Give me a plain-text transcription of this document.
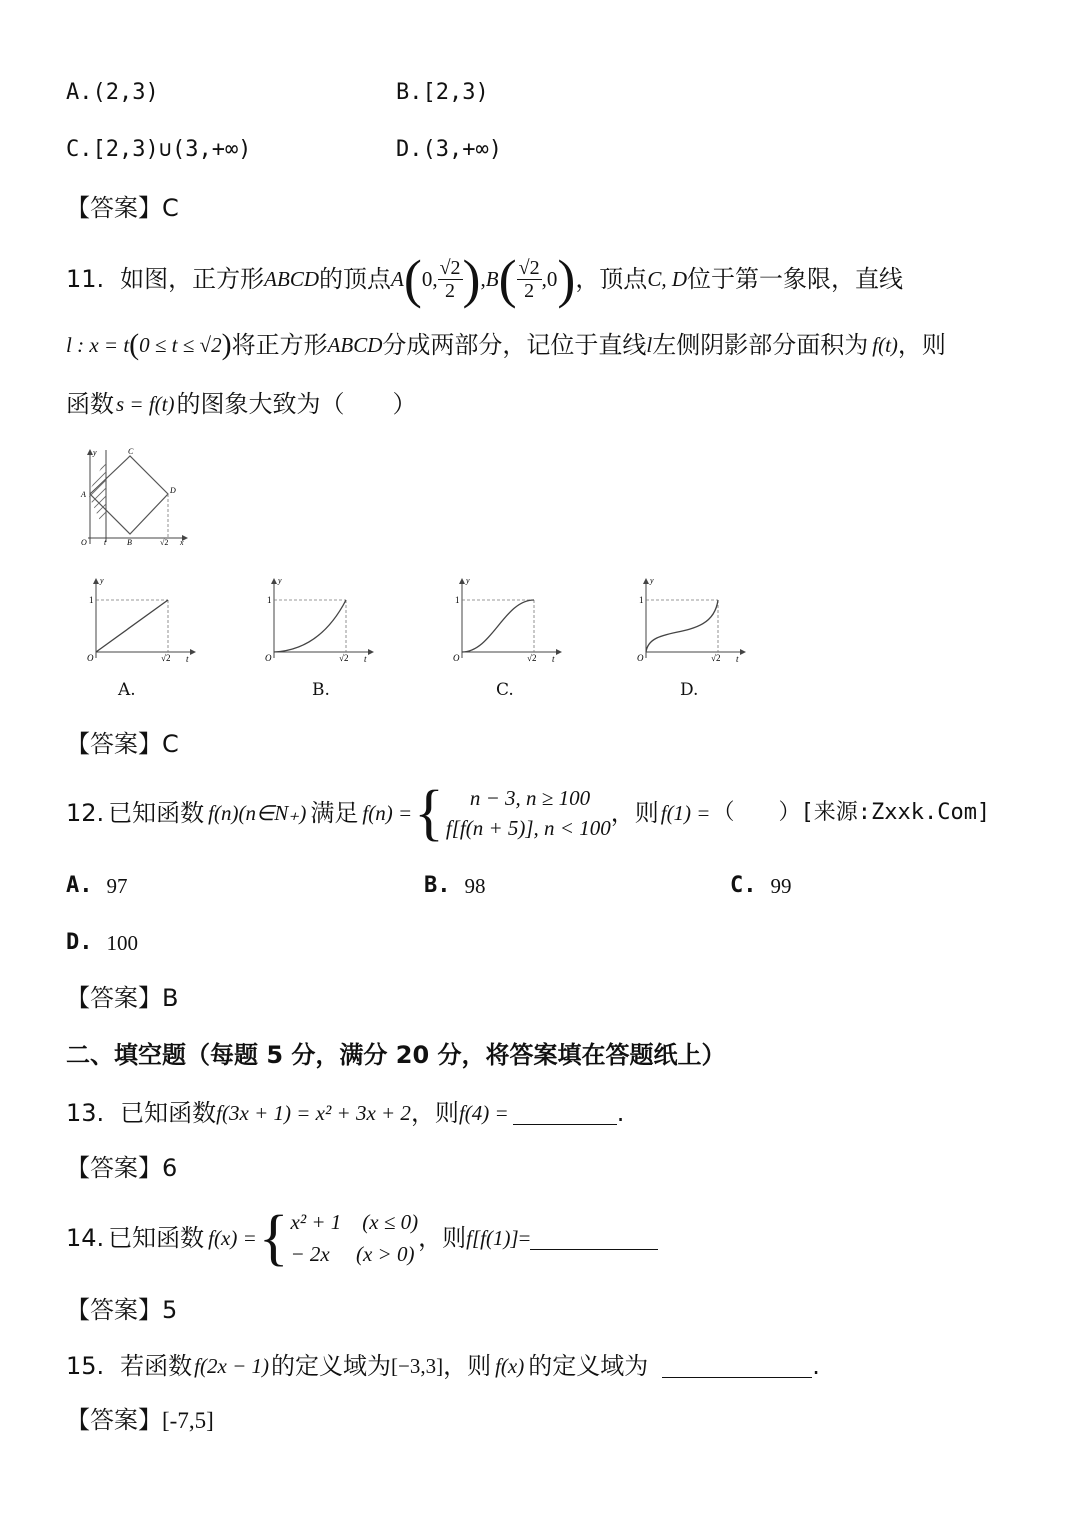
A.(2,3)	B.[2,3)
C.[2,3)∪(3,+∞)	D.(3,+∞)
【答案】C
11. 如图，正方形 ABCD 的顶点 A ( 0, $\frac{√2}{2}$ ) , B ( $\frac{√2}{2} ,0$ ) ，顶点 C, D 位于第一象限，直线
l : x = t ( 0 ≤ t ≤ √2 ) 将正方形 ABCD 分成两部分，记位于直线 l 左侧阴影部分面积为 f(t) ，则
函数 s = f(t) 的图象大致为（　　）
y	C
D
A
O t	B	√2 x
y
1
O	√2 t
y
1
O	√2 t
y
1
O	√2 t
y
1
O	√2 t
A.	B.	C.	D.
【答案】C
12. 已知函数 f(n)(n∈N₊) 满足 f(n) = {	n − 3, n ≥ 100
f[f(n + 5)], n < 100
，则 f(1) = （　　）[来源:Zxxk.Com]
A. 97	B. 98	C. 99
D. 100
【答案】B
二、填空题（每题 5 分，满分 20 分，将答案填在答题纸上）
13. 已知函数 f(3x + 1) = x² + 3x + 2 ，则 f(4) =	.
【答案】6
14. 已知函数 f(x) = { x² + 1　(x ≤ 0)
− 2x　 (x > 0)
，则 f[f(1)] =
【答案】5
15. 若函数 f(2x − 1) 的定义域为 [−3,3] ，则 f(x) 的定义域为	.
【答案】[-7,5]
